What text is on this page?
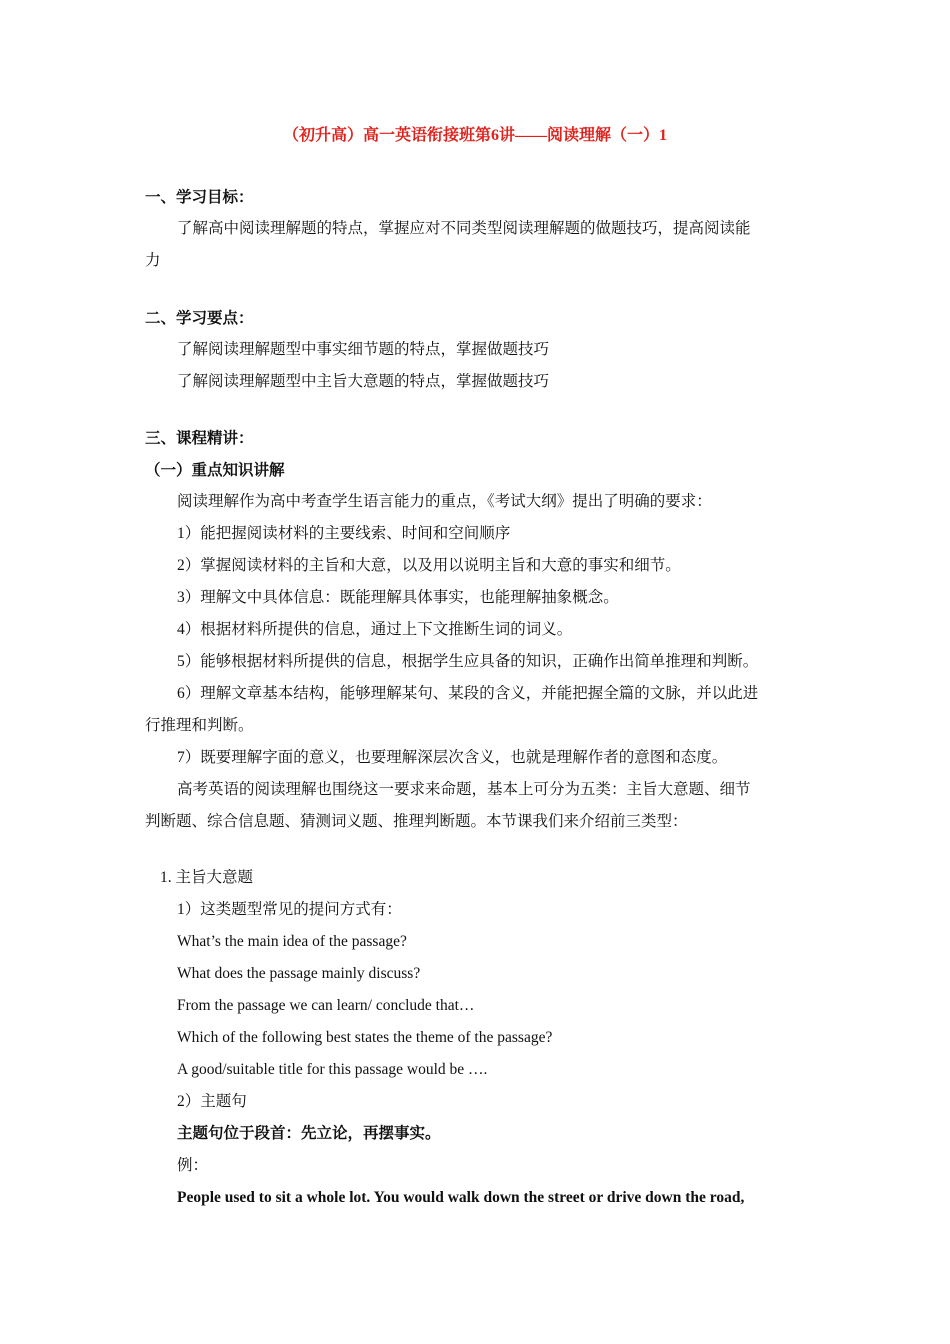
（初升高）高一英语衔接班第6讲——阅读理解（一）1
一、学习目标：
了解高中阅读理解题的特点，掌握应对不同类型阅读理解题的做题技巧，提高阅读能
力
二、学习要点：
了解阅读理解题型中事实细节题的特点，掌握做题技巧
了解阅读理解题型中主旨大意题的特点，掌握做题技巧
三、课程精讲：
（一）重点知识讲解
阅读理解作为高中考查学生语言能力的重点，《考试大纲》提出了明确的要求：
1）能把握阅读材料的主要线索、时间和空间顺序
2）掌握阅读材料的主旨和大意，以及用以说明主旨和大意的事实和细节。
3）理解文中具体信息：既能理解具体事实，也能理解抽象概念。
4）根据材料所提供的信息，通过上下文推断生词的词义。
5）能够根据材料所提供的信息，根据学生应具备的知识，正确作出简单推理和判断。
6）理解文章基本结构，能够理解某句、某段的含义，并能把握全篇的文脉，并以此进
行推理和判断。
7）既要理解字面的意义，也要理解深层次含义，也就是理解作者的意图和态度。
高考英语的阅读理解也围绕这一要求来命题，基本上可分为五类：主旨大意题、细节
判断题、综合信息题、猜测词义题、推理判断题。本节课我们来介绍前三类型：
1. 主旨大意题
1）这类题型常见的提问方式有：
What’s the main idea of the passage?
What does the passage mainly discuss?
From the passage we can learn/ conclude that…
Which of the following best states the theme of the passage?
A good/suitable title for this passage would be ….
2）主题句
主题句位于段首：先立论，再摆事实。
例：
People used to sit a whole lot. You would walk down the street or drive down the road,
